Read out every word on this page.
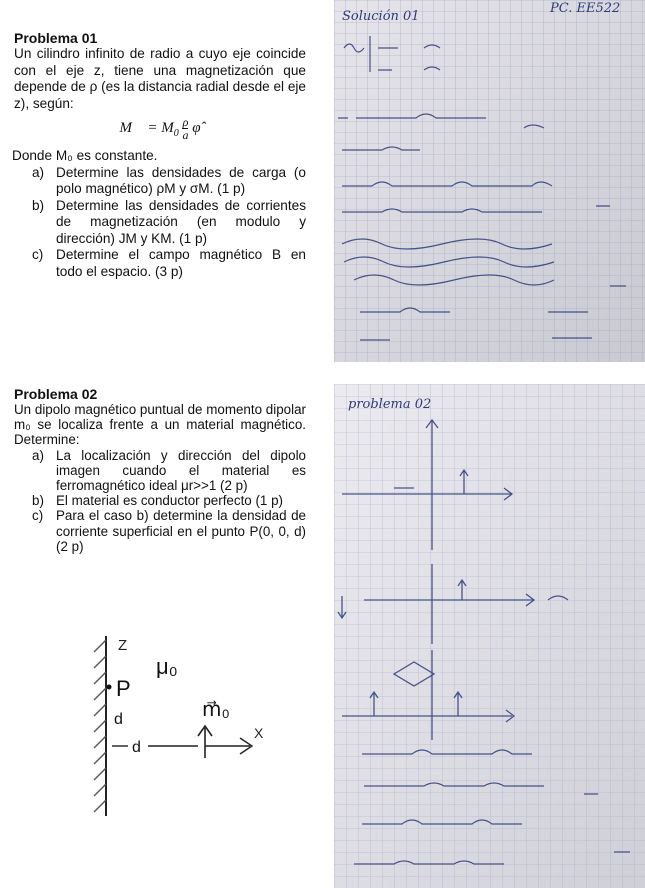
Problema 01

Un cilindro infinito de radio a cuyo eje coincide con el eje z, tiene una magnetización que depende de ρ (es la distancia radial desde el eje z), según:

M⃗ = $M_0 \frac{\rho}{a}$ φ̂

Donde M₀ es constante.

a) Determine las densidades de carga (o polo magnético) ρM y σM. (1 p)
b) Determine las densidades de corrientes de magnetización (en modulo y dirección) JM y KM. (1 p)
c) Determine el campo magnético B en todo el espacio. (3 p)
Problema 02

Un dipolo magnético puntual de momento dipolar m₀ se localiza frente a un material magnético. Determine:

a) La localización y dirección del dipolo imagen cuando el material es ferromagnético ideal μr>>1 (2 p)
b) El material es conductor perfecto (1 p)
c) Para el caso b) determine la densidad de corriente superficial en el punto P(0, 0, d) (2 p)
Z
P
μ₀
d	m⃗₀
d
X
Solución 01
PC. EE522
problema 02
